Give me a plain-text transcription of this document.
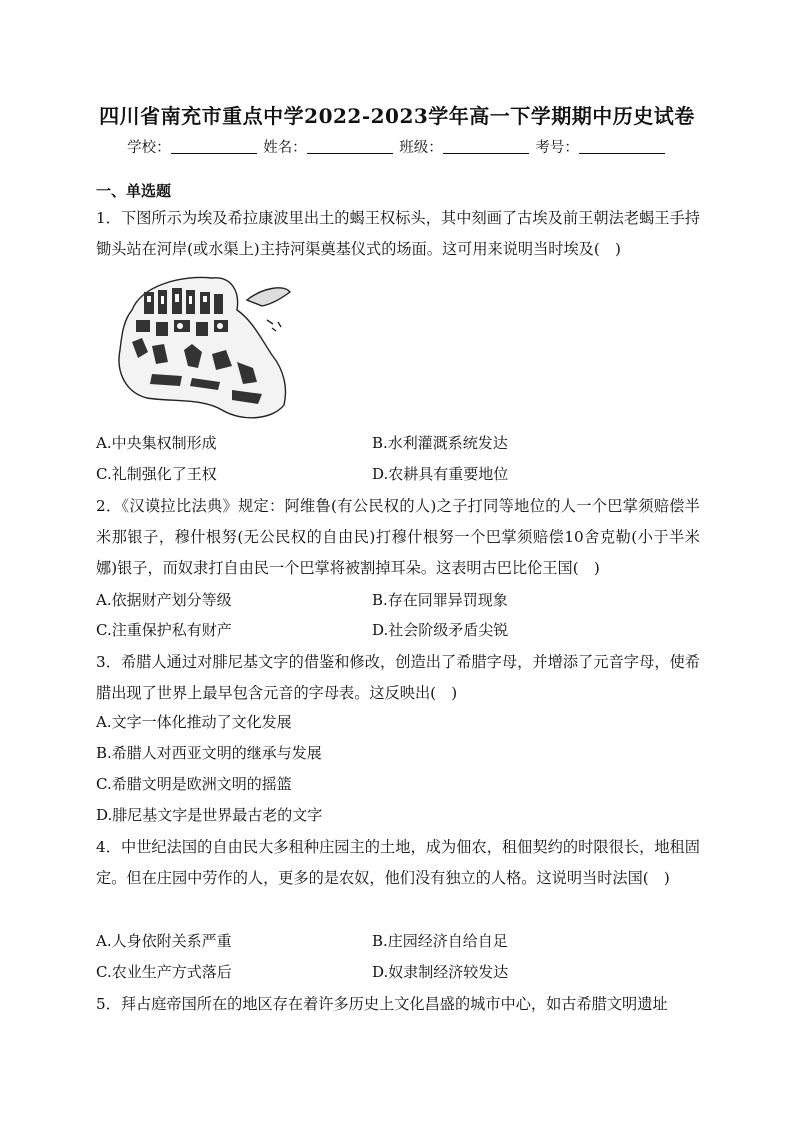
四川省南充市重点中学2022-2023学年高一下学期期中历史试卷
学校：	姓名：	班级：	考号：
一、单选题
1．下图所示为埃及希拉康波里出土的蝎王权标头，其中刻画了古埃及前王朝法老蝎王手持锄头站在河岸(或水渠上)主持河渠奠基仪式的场面。这可用来说明当时埃及(　)
A.中央集权制形成	B.水利灌溉系统发达
C.礼制强化了王权	D.农耕具有重要地位
2．《汉谟拉比法典》规定：阿维鲁(有公民权的人)之子打同等地位的人一个巴掌须赔偿半米那银子，穆什根努(无公民权的自由民)打穆什根努一个巴掌须赔偿10舍克勒(小于半米娜)银子，而奴隶打自由民一个巴掌将被割掉耳朵。这表明古巴比伦王国(　)
A.依据财产划分等级	B.存在同罪异罚现象
C.注重保护私有财产	D.社会阶级矛盾尖锐
3．希腊人通过对腓尼基文字的借鉴和修改，创造出了希腊字母，并增添了元音字母，使希腊出现了世界上最早包含元音的字母表。这反映出(　)
A.文字一体化推动了文化发展
B.希腊人对西亚文明的继承与发展
C.希腊文明是欧洲文明的摇篮
D.腓尼基文字是世界最古老的文字
4．中世纪法国的自由民大多租种庄园主的土地，成为佃农，租佃契约的时限很长，地租固定。但在庄园中劳作的人，更多的是农奴，他们没有独立的人格。这说明当时法国(　)
A.人身依附关系严重	B.庄园经济自给自足
C.农业生产方式落后	D.奴隶制经济较发达
5．拜占庭帝国所在的地区存在着许多历史上文化昌盛的城市中心，如古希腊文明遗址
